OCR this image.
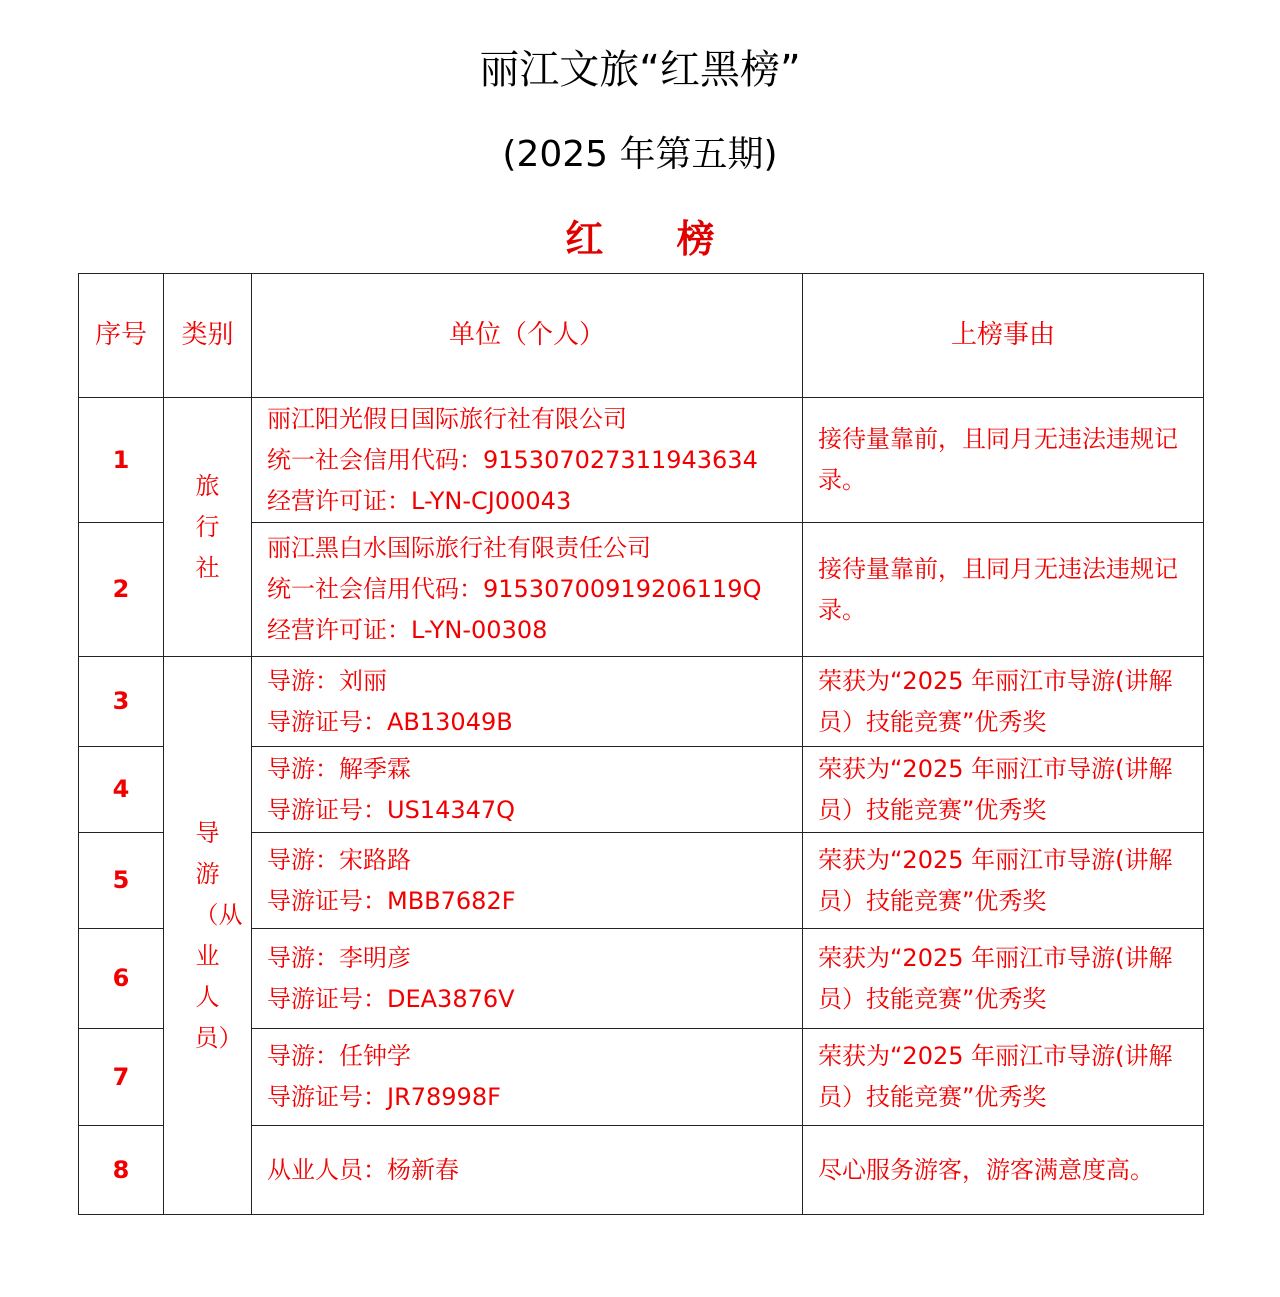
丽江文旅“红黑榜”
(2025 年第五期)
红 榜
序号	类别	单位（个人）	上榜事由
1	旅行社	丽江阳光假日国际旅行社有限公司
统一社会信用代码：915307027311943634
经营许可证：L-YN-CJ00043	接待量靠前，且同月无违法违规记录。
2		丽江黑白水国际旅行社有限责任公司
统一社会信用代码：91530700919206119Q
经营许可证：L-YN-00308	接待量靠前，且同月无违法违规记录。
3	导游（从业人员）	导游：刘丽
导游证号：AB13049B	荣获为“2025 年丽江市导游(讲解员）技能竞赛”优秀奖
4		导游：解季霖
导游证号：US14347Q	荣获为“2025 年丽江市导游(讲解员）技能竞赛”优秀奖
5		导游：宋路路
导游证号：MBB7682F	荣获为“2025 年丽江市导游(讲解员）技能竞赛”优秀奖
6		导游：李明彦
导游证号：DEA3876V	荣获为“2025 年丽江市导游(讲解员）技能竞赛”优秀奖
7		导游：任钟学
导游证号：JR78998F	荣获为“2025 年丽江市导游(讲解员）技能竞赛”优秀奖
8		从业人员：杨新春	尽心服务游客，游客满意度高。
